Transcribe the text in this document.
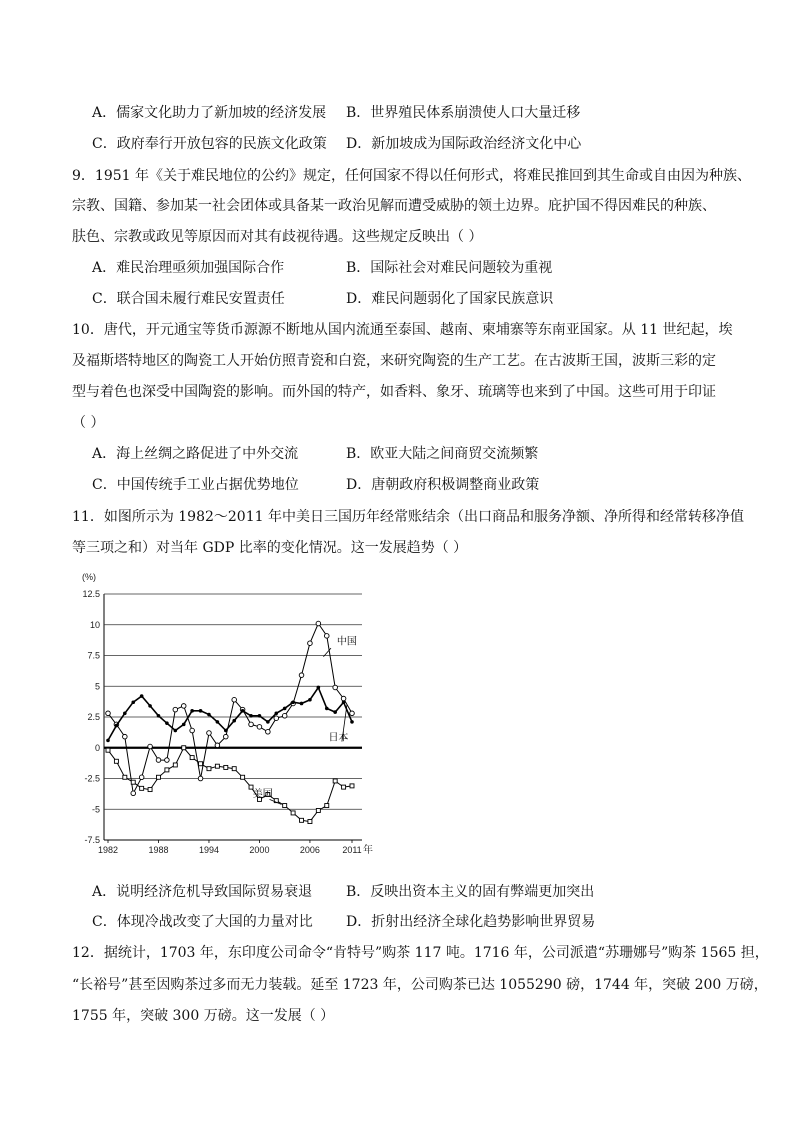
A．儒家文化助力了新加坡的经济发展 B．世界殖民体系崩溃使人口大量迁移
C．政府奉行开放包容的民族文化政策 D．新加坡成为国际政治经济文化中心
9．1951 年《关于难民地位的公约》规定，任何国家不得以任何形式，将难民推回到其生命或自由因为种族、
宗教、国籍、参加某一社会团体或具备某一政治见解而遭受威胁的领土边界。庇护国不得因难民的种族、
肤色、宗教或政见等原因而对其有歧视待遇。这些规定反映出（ ）
A．难民治理亟须加强国际合作	B．国际社会对难民问题较为重视
C．联合国未履行难民安置责任	D．难民问题弱化了国家民族意识
10．唐代，开元通宝等货币源源不断地从国内流通至泰国、越南、柬埔寨等东南亚国家。从 11 世纪起，埃
及福斯塔特地区的陶瓷工人开始仿照青瓷和白瓷，来研究陶瓷的生产工艺。在古波斯王国，波斯三彩的定
型与着色也深受中国陶瓷的影响。而外国的特产，如香料、象牙、琉璃等也来到了中国。这些可用于印证
（ ）
A．海上丝绸之路促进了中外交流	B．欧亚大陆之间商贸交流频繁
C．中国传统手工业占据优势地位	D．唐朝政府积极调整商业政策
11．如图所示为 1982～2011 年中美日三国历年经常账结余（出口商品和服务净额、净所得和经常转移净值
等三项之和）对当年 GDP 比率的变化情况。这一发展趋势（ ）
12.5
10
7.5
5
2.5
0
-2.5
-5
-7.5
(%)
1982	1988	1994	2000	2006 2011 年
中国
日本
美国
A．说明经济危机导致国际贸易衰退 B．反映出资本主义的固有弊端更加突出
C．体现冷战改变了大国的力量对比 D．折射出经济全球化趋势影响世界贸易
12．据统计，1703 年，东印度公司命令“肯特号”购茶 117 吨。1716 年，公司派遣“苏珊娜号”购茶 1565 担，
“长裕号”甚至因购茶过多而无力装载。延至 1723 年，公司购茶已达 1055290 磅，1744 年，突破 200 万磅，
1755 年，突破 300 万磅。这一发展（ ）
